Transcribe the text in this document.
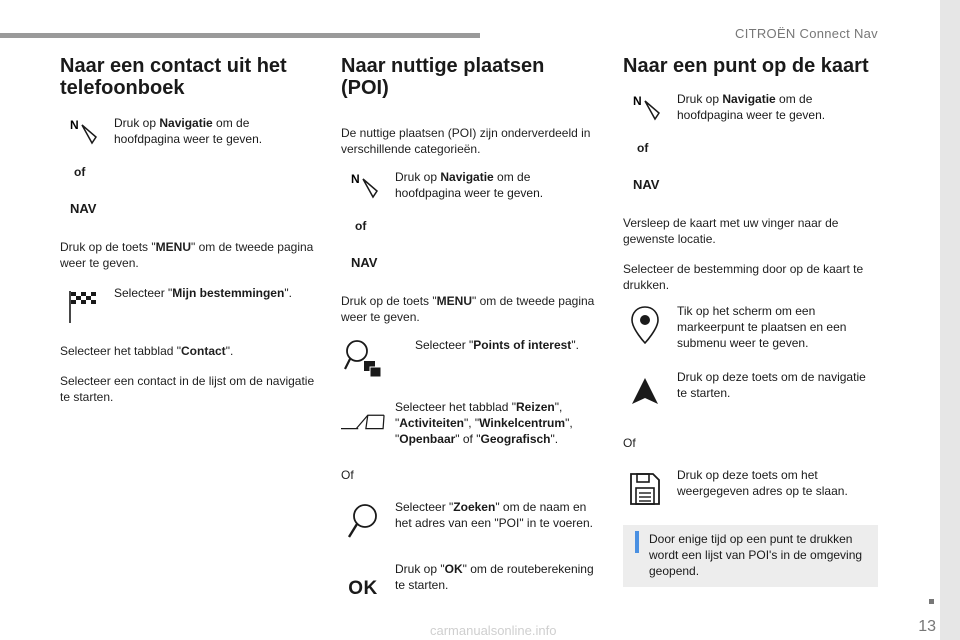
CITROËN Connect Nav
13
carmanualsonline.info
Naar een contact uit het telefoonboek
N
of
NAV
Druk op Navigatie om de hoofdpagina weer te geven.

Druk op de toets "MENU" om de tweede pagina weer te geven.

Selecteer "Mijn bestemmingen".

Selecteer het tabblad "Contact".

Selecteer een contact in de lijst om de navigatie te starten.

Naar nuttige plaatsen (POI)

De nuttige plaatsen (POI) zijn onderverdeeld in verschillende categorieën.

N
of
NAV
Druk op Navigatie om de hoofdpagina weer te geven.

Druk op de toets "MENU" om de tweede pagina weer te geven.

Selecteer "Points of interest".
Selecteer het tabblad "Reizen", "Activiteiten", "Winkelcentrum", "Openbaar" of "Geografisch".

Of

Selecteer "Zoeken" om de naam en het adres van een "POI" in te voeren.
OK
Druk op "OK" om de routeberekening te starten.
Naar een punt op de kaart
N
of
NAV
Druk op Navigatie om de hoofdpagina weer te geven.

Versleep de kaart met uw vinger naar de gewenste locatie.

Selecteer de bestemming door op de kaart te drukken.

Tik op het scherm om een markeerpunt te plaatsen en een submenu weer te geven.
Druk op deze toets om de navigatie te starten.

Of

Druk op deze toets om het weergegeven adres op te slaan.
Door enige tijd op een punt te drukken wordt een lijst van POI's in de omgeving geopend.
